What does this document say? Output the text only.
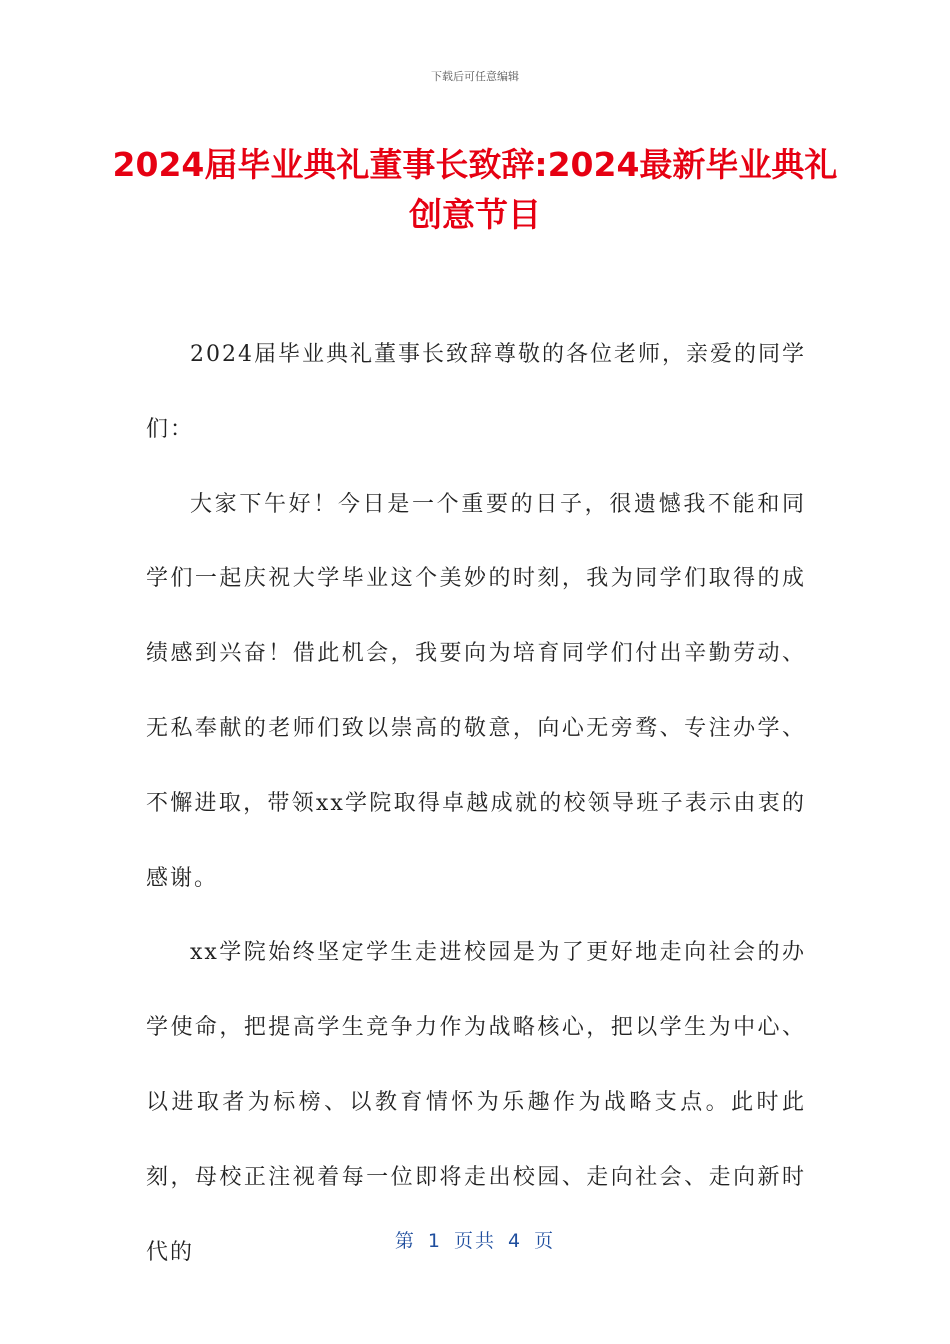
下载后可任意编辑
2024届毕业典礼董事长致辞:2024最新毕业典礼创意节目

2024届毕业典礼董事长致辞尊敬的各位老师，亲爱的同学们：

大家下午好！今日是一个重要的日子，很遗憾我不能和同学们一起庆祝大学毕业这个美妙的时刻，我为同学们取得的成绩感到兴奋！借此机会，我要向为培育同学们付出辛勤劳动、无私奉献的老师们致以崇高的敬意，向心无旁骛、专注办学、不懈进取，带领xx学院取得卓越成就的校领导班子表示由衷的感谢。

xx学院始终坚定学生走进校园是为了更好地走向社会的办学使命，把提高学生竞争力作为战略核心，把以学生为中心、以进取者为标榜、以教育情怀为乐趣作为战略支点。此时此刻，母校正注视着每一位即将走出校园、走向社会、走向新时代的	第 1 页共 4 页
